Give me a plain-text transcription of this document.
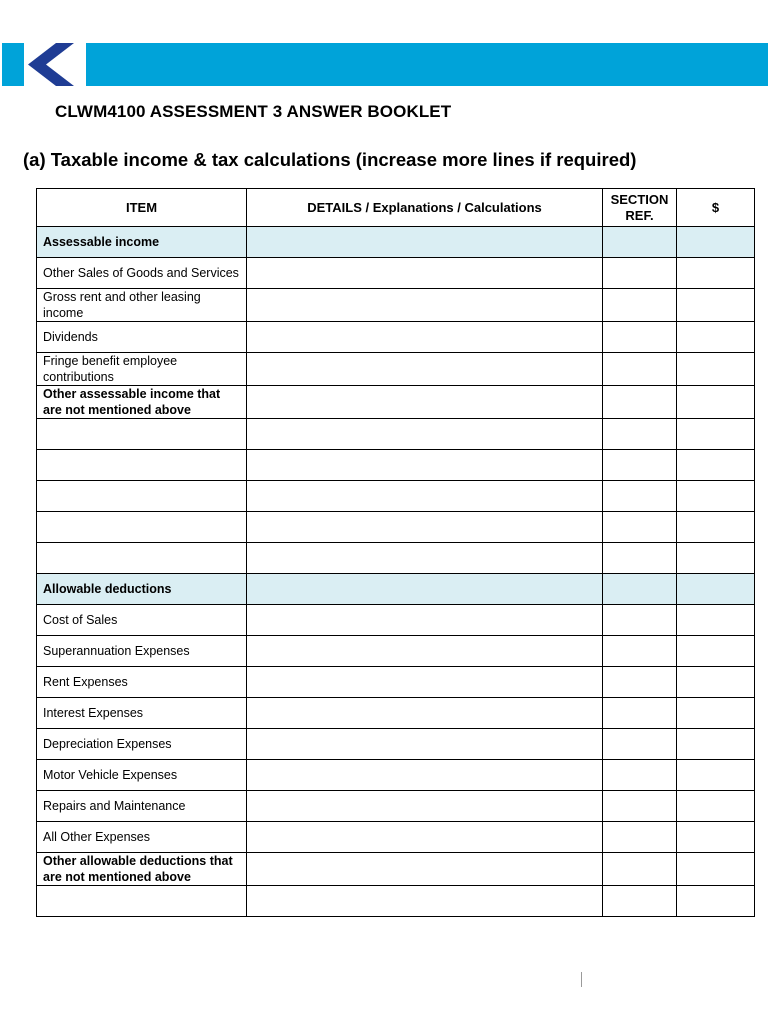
CLWM4100 ASSESSMENT 3 ANSWER BOOKLET
(a) Taxable income & tax calculations (increase more lines if required)
ITEM	DETAILS / Explanations / Calculations	SECTION REF.	$
Assessable income			
Other Sales of Goods and Services			
Gross rent and other leasing income			
Dividends			
Fringe benefit employee contributions			
Other assessable income that are not mentioned above			

Allowable deductions			
Cost of Sales			
Superannuation Expenses			
Rent Expenses			
Interest Expenses			
Depreciation Expenses			
Motor Vehicle Expenses			
Repairs and Maintenance			
All Other Expenses			
Other allowable deductions that are not mentioned above			
